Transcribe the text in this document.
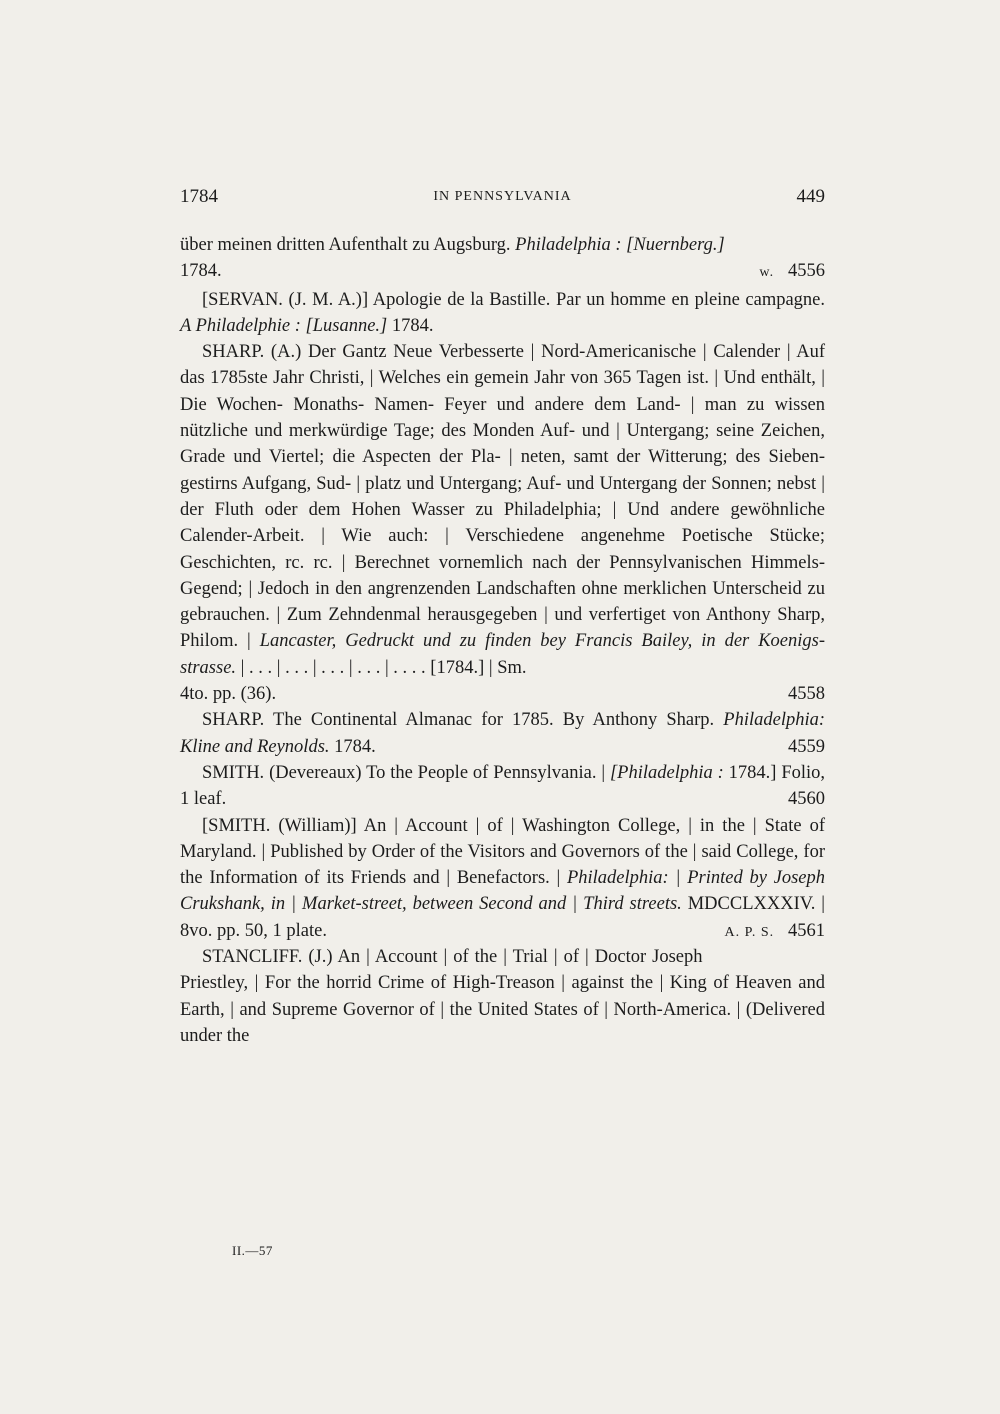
1784	IN PENNSYLVANIA	449

über meinen dritten Aufenthalt zu Augsburg. Philadelphia : [Nuernberg.]

1784.	w. 4556

[SERVAN. (J. M. A.)] Apologie de la Bastille. Par un homme en pleine campagne. A Philadelphie : [Lusanne.] 1784.

SHARP. (A.) Der Gantz Neue Verbesserte | Nord-Americanische | Calender | Auf das 1785ste Jahr Christi, | Welches ein gemein Jahr von 365 Tagen ist. | Und enthält, | Die Wochen- Monaths- Namen- Feyer und andere dem Land- | man zu wissen nützliche und merkwürdige Tage; des Monden Auf- und | Untergang; seine Zeichen, Grade und Viertel; die Aspecten der Pla- | neten, samt der Witterung; des Sieben-gestirns Aufgang, Sud- | platz und Untergang; Auf- und Untergang der Sonnen; nebst | der Fluth oder dem Hohen Wasser zu Philadelphia; | Und andere gewöhnliche Calender-Arbeit. | Wie auch: | Verschiedene angenehme Poetische Stücke; Geschichten, rc. rc. | Berechnet vornemlich nach der Pennsylvanischen Himmels-Gegend; | Jedoch in den angrenzenden Landschaften ohne merklichen Unterscheid zu gebrauchen. | Zum Zehndenmal herausgegeben | und verfertiget von Anthony Sharp, Philom. | Lancaster, Gedruckt und zu finden bey Francis Bailey, in der Koenigs-strasse. | . . . | . . . | . . . | . . . | . . . . [1784.] | Sm.

4to. pp. (36).	4558

SHARP. The Continental Almanac for 1785. By Anthony Sharp. Philadelphia: Kline and Reynolds. 1784.	4559

SMITH. (Devereaux) To the People of Pennsylvania. | [Philadelphia : 1784.] Folio, 1 leaf.	4560

[SMITH. (William)] An | Account | of | Washington College, | in the | State of Maryland. | Published by Order of the Visitors and Governors of the | said College, for the Information of its Friends and | Benefactors. | Philadelphia: | Printed by Joseph Crukshank, in | Market-street, between Second and | Third streets. MDCCLXXXIV. | 8vo. pp. 50, 1 plate.	A. P. S. 4561

STANCLIFF. (J.) An | Account | of the | Trial | of | Doctor Joseph Priestley, | For the horrid Crime of High-Treason | against the | King of Heaven and Earth, | and Supreme Governor of | the United States of | North-America. | (Delivered under the

II.—57
